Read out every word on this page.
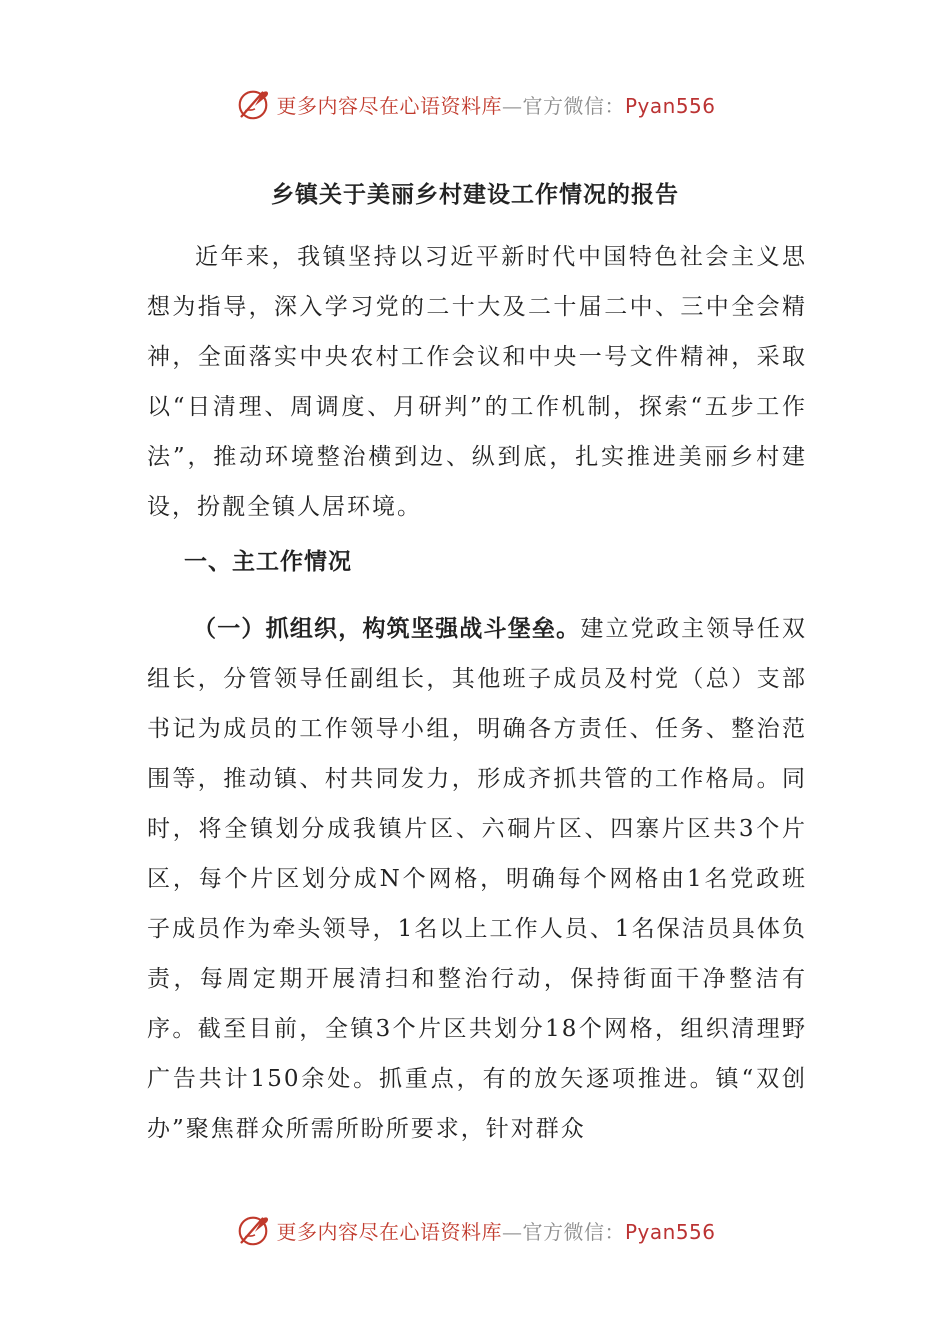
更多内容尽在心语资料库—官方微信：Pyan556
乡镇关于美丽乡村建设工作情况的报告
近年来，我镇坚持以习近平新时代中国特色社会主义思想为指导，深入学习党的二十大及二十届二中、三中全会精神，全面落实中央农村工作会议和中央一号文件精神，采取以“日清理、周调度、月研判”的工作机制，探索“五步工作法”，推动环境整治横到边、纵到底，扎实推进美丽乡村建设，扮靓全镇人居环境。
一、主工作情况
（一）抓组织，构筑坚强战斗堡垒。建立党政主领导任双组长，分管领导任副组长，其他班子成员及村党（总）支部书记为成员的工作领导小组，明确各方责任、任务、整治范围等，推动镇、村共同发力，形成齐抓共管的工作格局。同时，将全镇划分成我镇片区、六硐片区、四寨片区共3个片区，每个片区划分成N个网格，明确每个网格由1名党政班子成员作为牵头领导，1名以上工作人员、1名保洁员具体负责，每周定期开展清扫和整治行动，保持街面干净整洁有序。截至目前，全镇3个片区共划分18个网格，组织清理野广告共计150余处。抓重点，有的放矢逐项推进。镇“双创办”聚焦群众所需所盼所要求，针对群众
更多内容尽在心语资料库—官方微信：Pyan556
